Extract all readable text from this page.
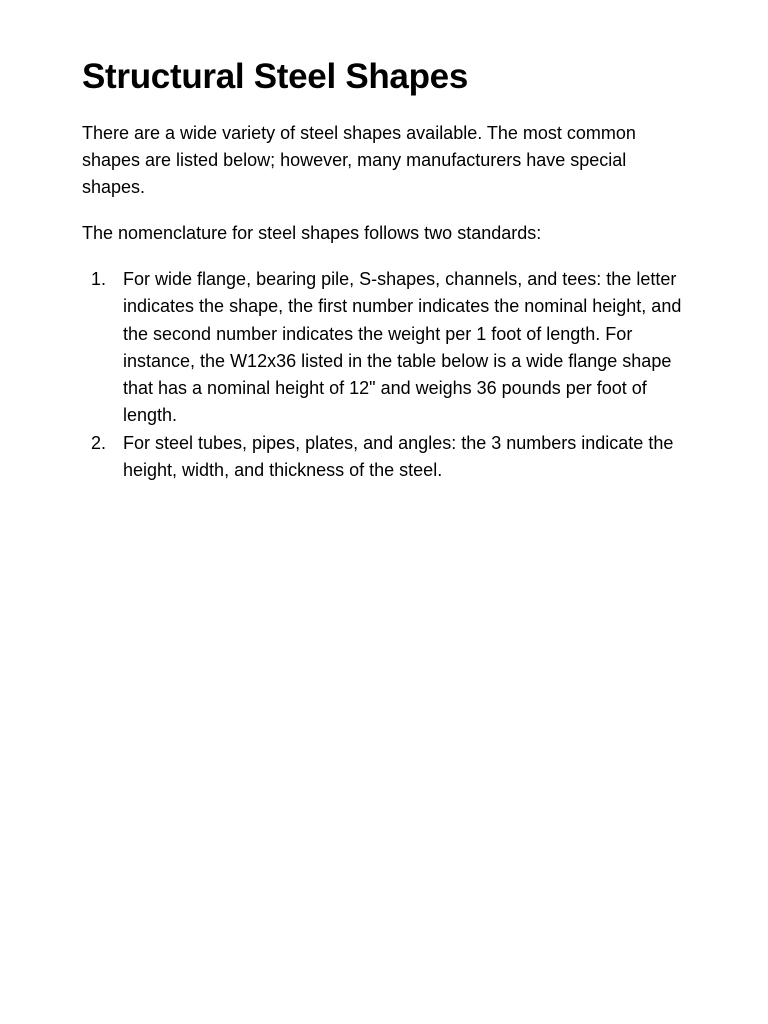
Structural Steel Shapes

There are a wide variety of steel shapes available. The most common shapes are listed below; however, many manufacturers have special shapes.

The nomenclature for steel shapes follows two standards:

1. For wide flange, bearing pile, S-shapes, channels, and tees: the letter indicates the shape, the first number indicates the nominal height, and the second number indicates the weight per 1 foot of length. For instance, the W12x36 listed in the table below is a wide flange shape that has a nominal height of 12" and weighs 36 pounds per foot of length.
2. For steel tubes, pipes, plates, and angles: the 3 numbers indicate the height, width, and thickness of the steel.
